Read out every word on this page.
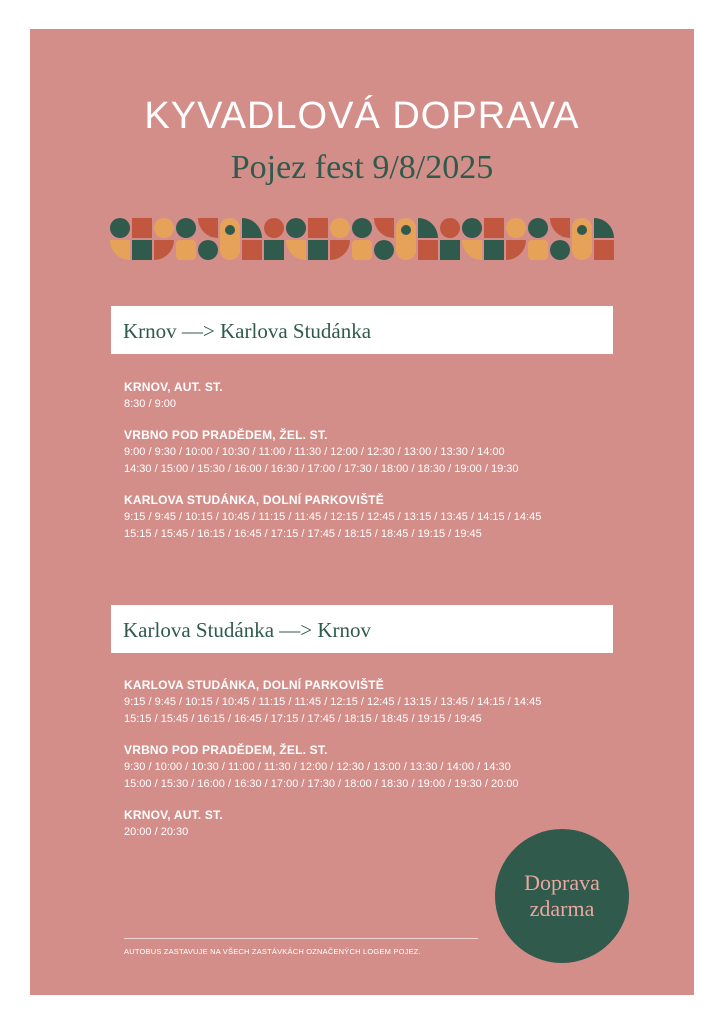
KYVADLOVÁ DOPRAVA
Pojez fest 9/8/2025
Krnov —> Karlova Studánka
KRNOV, AUT. ST.
8:30 / 9:00
VRBNO POD PRADĚDEM, ŽEL. ST.
9:00 / 9:30 / 10:00 / 10:30 / 11:00 / 11:30 / 12:00 / 12:30 / 13:00 / 13:30 / 14:00
14:30 / 15:00 / 15:30 / 16:00 / 16:30 / 17:00 / 17:30 / 18:00 / 18:30 / 19:00 / 19:30
KARLOVA STUDÁNKA, DOLNÍ PARKOVIŠTĚ
9:15 / 9:45 / 10:15 / 10:45 / 11:15 / 11:45 / 12:15 / 12:45 / 13:15 / 13:45 / 14:15 / 14:45
15:15 / 15:45 / 16:15 / 16:45 / 17:15 / 17:45 / 18:15 / 18:45 / 19:15 / 19:45
Karlova Studánka —> Krnov
KARLOVA STUDÁNKA, DOLNÍ PARKOVIŠTĚ
9:15 / 9:45 / 10:15 / 10:45 / 11:15 / 11:45 / 12:15 / 12:45 / 13:15 / 13:45 / 14:15 / 14:45
15:15 / 15:45 / 16:15 / 16:45 / 17:15 / 17:45 / 18:15 / 18:45 / 19:15 / 19:45
VRBNO POD PRADĚDEM, ŽEL. ST.
9:30 / 10:00 / 10:30 / 11:00 / 11:30 / 12:00 / 12:30 / 13:00 / 13:30 / 14:00 / 14:30
15:00 / 15:30 / 16:00 / 16:30 / 17:00 / 17:30 / 18:00 / 18:30 / 19:00 / 19:30 / 20:00
KRNOV, AUT. ST.
20:00 / 20:30
Doprava
zdarma
AUTOBUS ZASTAVUJE NA VŠECH ZASTÁVKÁCH OZNAČENÝCH LOGEM POJEZ.
